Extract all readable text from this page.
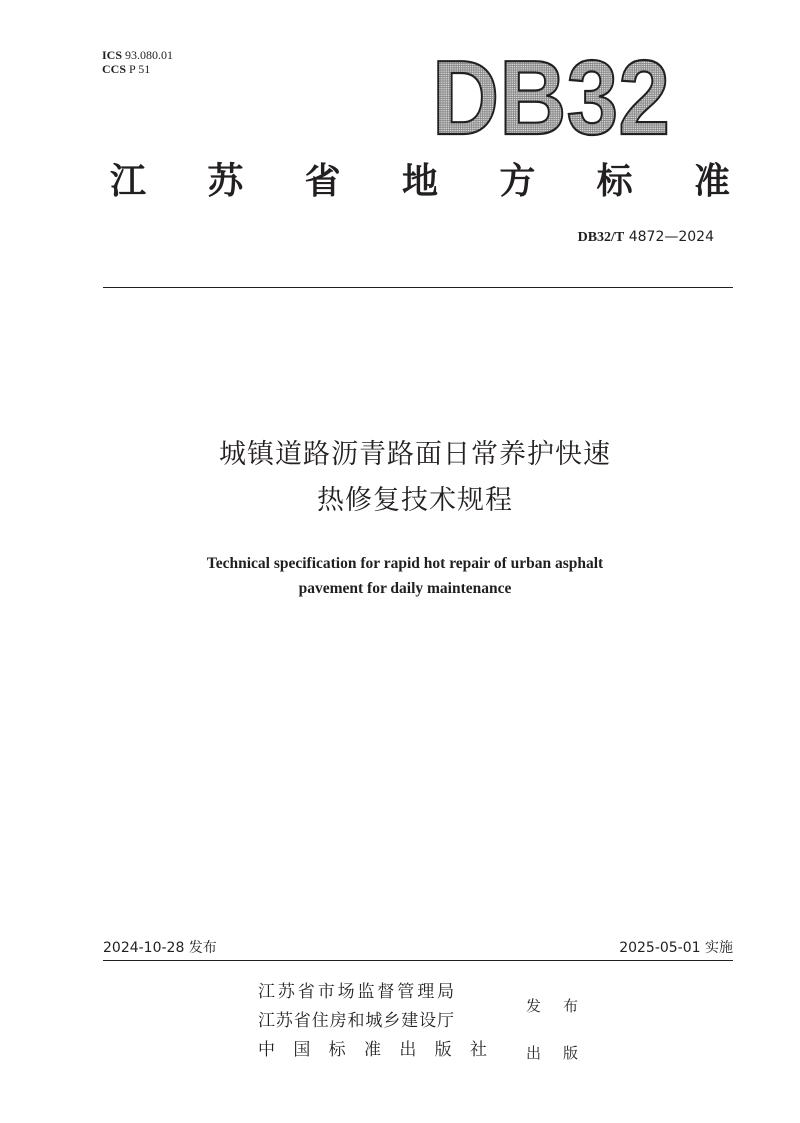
ICS 93.080.01
CCS P 51	DB32
江 苏 省 地 方 标 准
DB32/T 4872—2024
城镇道路沥青路面日常养护快速
热修复技术规程
Technical specification for rapid hot repair of urban asphalt
pavement for daily maintenance
2024-10-28 发布	2025-05-01 实施
江苏省市场监督管理局
江苏省住房和城乡建设厅
中 国 标 准 出 版 社
发 布
出 版
